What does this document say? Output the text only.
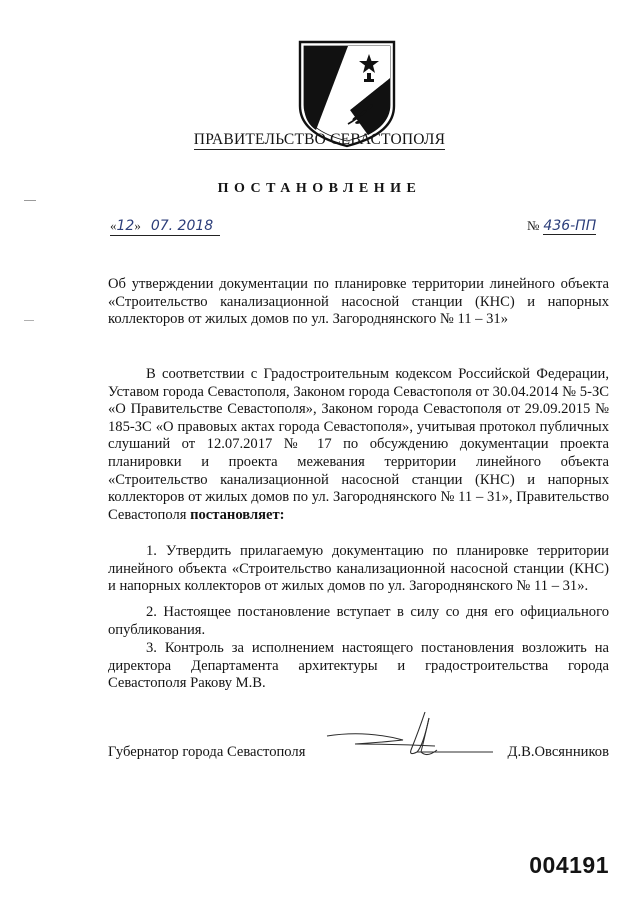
ПРАВИТЕЛЬСТВО СЕВАСТОПОЛЯ
ПОСТАНОВЛЕНИЕ
«12» 07. 2018	№ 436-ПП
Об утверждении документации по планировке территории линейного объекта «Строительство канализационной насосной станции (КНС) и напорных коллекторов от жилых домов по ул. Загороднянского № 11 – 31»
В соответствии с Градостроительным кодексом Российской Федерации, Уставом города Севастополя, Законом города Севастополя от 30.04.2014 № 5-ЗС «О Правительстве Севастополя», Законом города Севастополя от 29.09.2015 № 185-ЗС «О правовых актах города Севастополя», учитывая протокол публичных слушаний от 12.07.2017 № 17 по обсуждению документации проекта планировки и проекта межевания территории линейного объекта «Строительство канализационной насосной станции (КНС) и напорных коллекторов от жилых домов по ул. Загороднянского № 11 – 31», Правительство Севастополя постановляет:
1. Утвердить прилагаемую документацию по планировке территории линейного объекта «Строительство канализационной насосной станции (КНС) и напорных коллекторов от жилых домов по ул. Загороднянского № 11 – 31».
2. Настоящее постановление вступает в силу со дня его официального опубликования.
3. Контроль за исполнением настоящего постановления возложить на директора Департамента архитектуры и градостроительства города Севастополя Ракову М.В.
Губернатор города Севастополя	Д.В.Овсянников
004191
